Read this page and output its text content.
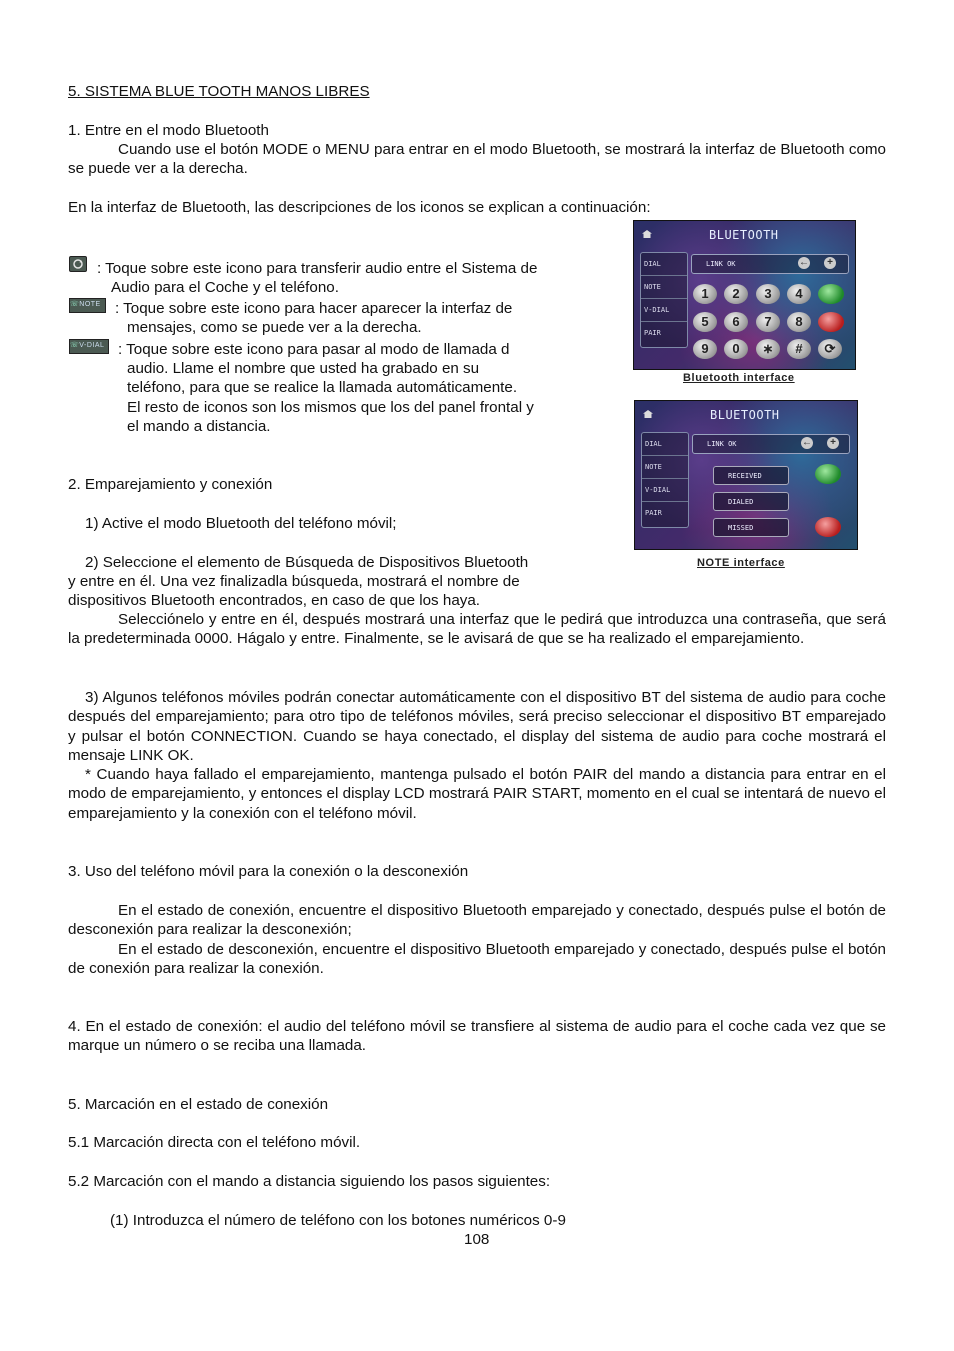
5. SISTEMA BLUE TOOTH MANOS LIBRES

1. Entre en el modo Bluetooth

Cuando use el botón MODE o MENU para entrar en el modo Bluetooth, se mostrará la interfaz de Bluetooth como se puede ver a la derecha.

En la interfaz de Bluetooth, las descripciones de los iconos se explican a continuación:

: Toque sobre este icono para transferir audio entre el Sistema de

Audio para el Coche y el teléfono.

☏NOTE : Toque sobre este icono para hacer aparecer la interfaz de

mensajes, como se puede ver a la derecha.

☏V-DIAL : Toque sobre este icono para pasar al modo de llamada d

audio. Llame el nombre que usted ha grabado en su

teléfono, para que se realice la llamada automáticamente.

El resto de iconos son los mismos que los del panel frontal y

el mando a distancia.

BLUETOOTH
DIAL
NOTE
V-DIAL
PAIR
LINK OK	←	+
1	2	3	4
5	6	7	8
9	0	∗	#	⟳
Bluetooth interface
BLUETOOTH
DIAL
NOTE
V-DIAL
PAIR
LINK OK	←	+
RECEIVED
DIALED
MISSED
NOTE interface

2. Emparejamiento y conexión

1) Active el modo Bluetooth del teléfono móvil;

2) Seleccione el elemento de Búsqueda de Dispositivos Bluetooth

y entre en él. Una vez finalizadla búsqueda, mostrará el nombre de

dispositivos Bluetooth encontrados, en caso de que los haya.

Selecciónelo y entre en él, después mostrará una interfaz que le pedirá que introduzca una contraseña, que será la predeterminada 0000. Hágalo y entre. Finalmente, se le avisará de que se ha realizado el emparejamiento.

3) Algunos teléfonos móviles podrán conectar automáticamente con el dispositivo BT del sistema de audio para coche después del emparejamiento; para otro tipo de teléfonos móviles, será preciso seleccionar el dispositivo BT emparejado y pulsar el botón CONNECTION. Cuando se haya conectado, el display del sistema de audio para coche mostrará el mensaje LINK OK.

* Cuando haya fallado el emparejamiento, mantenga pulsado el botón PAIR del mando a distancia para entrar en el modo de emparejamiento, y entonces el display LCD mostrará PAIR START, momento en el cual se intentará de nuevo el emparejamiento y la conexión con el teléfono móvil.

3. Uso del teléfono móvil para la conexión o la desconexión

En el estado de conexión, encuentre el dispositivo Bluetooth emparejado y conectado, después pulse el botón de desconexión para realizar la desconexión;

En el estado de desconexión, encuentre el dispositivo Bluetooth emparejado y conectado, después pulse el botón de conexión para realizar la conexión.

4. En el estado de conexión: el audio del teléfono móvil se transfiere al sistema de audio para el coche cada vez que se marque un número o se reciba una llamada.

5. Marcación en el estado de conexión

5.1 Marcación directa con el teléfono móvil.

5.2 Marcación con el mando a distancia siguiendo los pasos siguientes:

(1) Introduzca el número de teléfono con los botones numéricos 0-9

108
